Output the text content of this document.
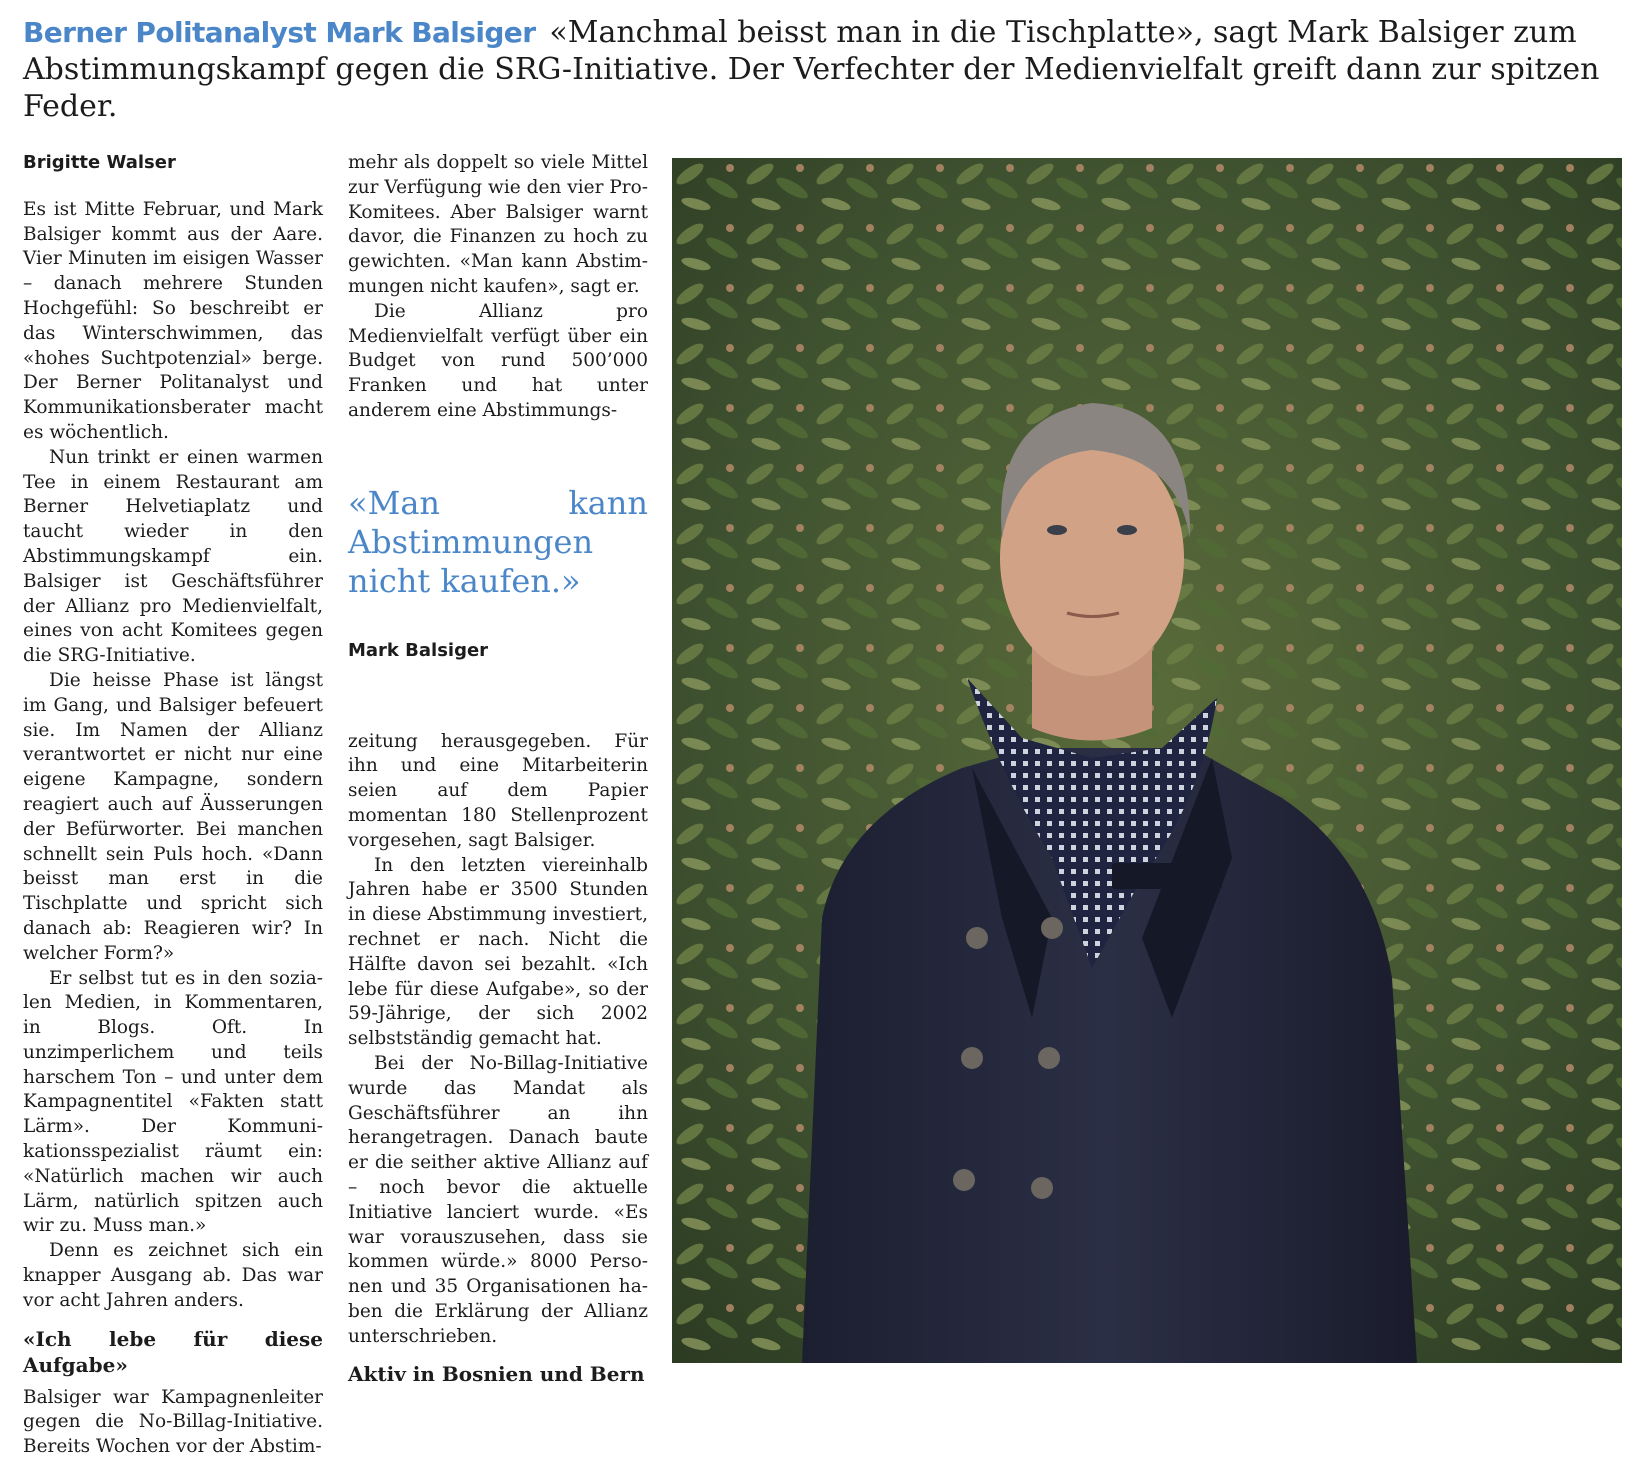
Berner Politanalyst Mark Balsiger «Manchmal beisst man in die Tischplatte», sagt Mark Balsiger zum Abstimmungskampf gegen die SRG-Initiative. Der Verfechter der Medienvielfalt greift dann zur spitzen Feder.
Brigitte Walser

Es ist Mitte Februar, und Mark Balsiger kommt aus der Aare. Vier Minuten im eisigen Wasser – danach mehrere Stunden Hochgefühl: So beschreibt er das Winterschwimmen, das «hohes Suchtpotenzial» berge. Der Berner Politanalyst und Kommunikationsberater macht es wöchentlich.

Nun trinkt er einen warmen Tee in einem Restaurant am Berner Helvetiaplatz und taucht wieder in den Abstimmungskampf ein. Balsiger ist Geschäftsführer der Allianz pro Medienvielfalt, eines von acht Komitees gegen die SRG-Initiative.

Die heisse Phase ist längst im Gang, und Balsiger befeuert sie. Im Namen der Allianz verantwortet er nicht nur eine eigene Kampagne, sondern reagiert auch auf Äusserungen der Befürworter. Bei manchen schnellt sein Puls hoch. «Dann beisst man erst in die Tischplatte und spricht sich danach ab: Reagieren wir? In welcher Form?»

Er selbst tut es in den sozialen Medien, in Kommentaren, in Blogs. Oft. In unzimperlichem und teils harschem Ton – und unter dem Kampagnentitel «Fakten statt Lärm». Der Kommunikationsspezialist räumt ein: «Natürlich machen wir auch Lärm, natürlich spitzen auch wir zu. Muss man.»

Denn es zeichnet sich ein knapper Ausgang ab. Das war vor acht Jahren anders.

«Ich lebe für diese Aufgabe»

Balsiger war Kampagnenleiter gegen die No-Billag-Initiative. Bereits Wochen vor der Abstim-

mehr als doppelt so viele Mittel zur Verfügung wie den vier Pro-Komitees. Aber Balsiger warnt davor, die Finanzen zu hoch zu gewichten. «Man kann Abstimmungen nicht kaufen», sagt er.

Die Allianz pro Medienvielfalt verfügt über ein Budget von rund 500’000 Franken und hat unter anderem eine Abstimmungs-

«Man kann Abstimmungen nicht kaufen.»
Mark Balsiger

zeitung herausgegeben. Für ihn und eine Mitarbeiterin seien auf dem Papier momentan 180 Stellenprozent vorgesehen, sagt Balsiger.

In den letzten viereinhalb Jahren habe er 3500 Stunden in diese Abstimmung investiert, rechnet er nach. Nicht die Hälfte davon sei bezahlt. «Ich lebe für diese Aufgabe», so der 59-Jährige, der sich 2002 selbstständig gemacht hat.

Bei der No-Billag-Initiative wurde das Mandat als Geschäftsführer an ihn herangetragen. Danach baute er die seither aktive Allianz auf – noch bevor die aktuelle Initiative lanciert wurde. «Es war vorauszusehen, dass sie kommen würde.» 8000 Personen und 35 Organisationen haben die Erklärung der Allianz unterschrieben.

Aktiv in Bosnien und Bern
